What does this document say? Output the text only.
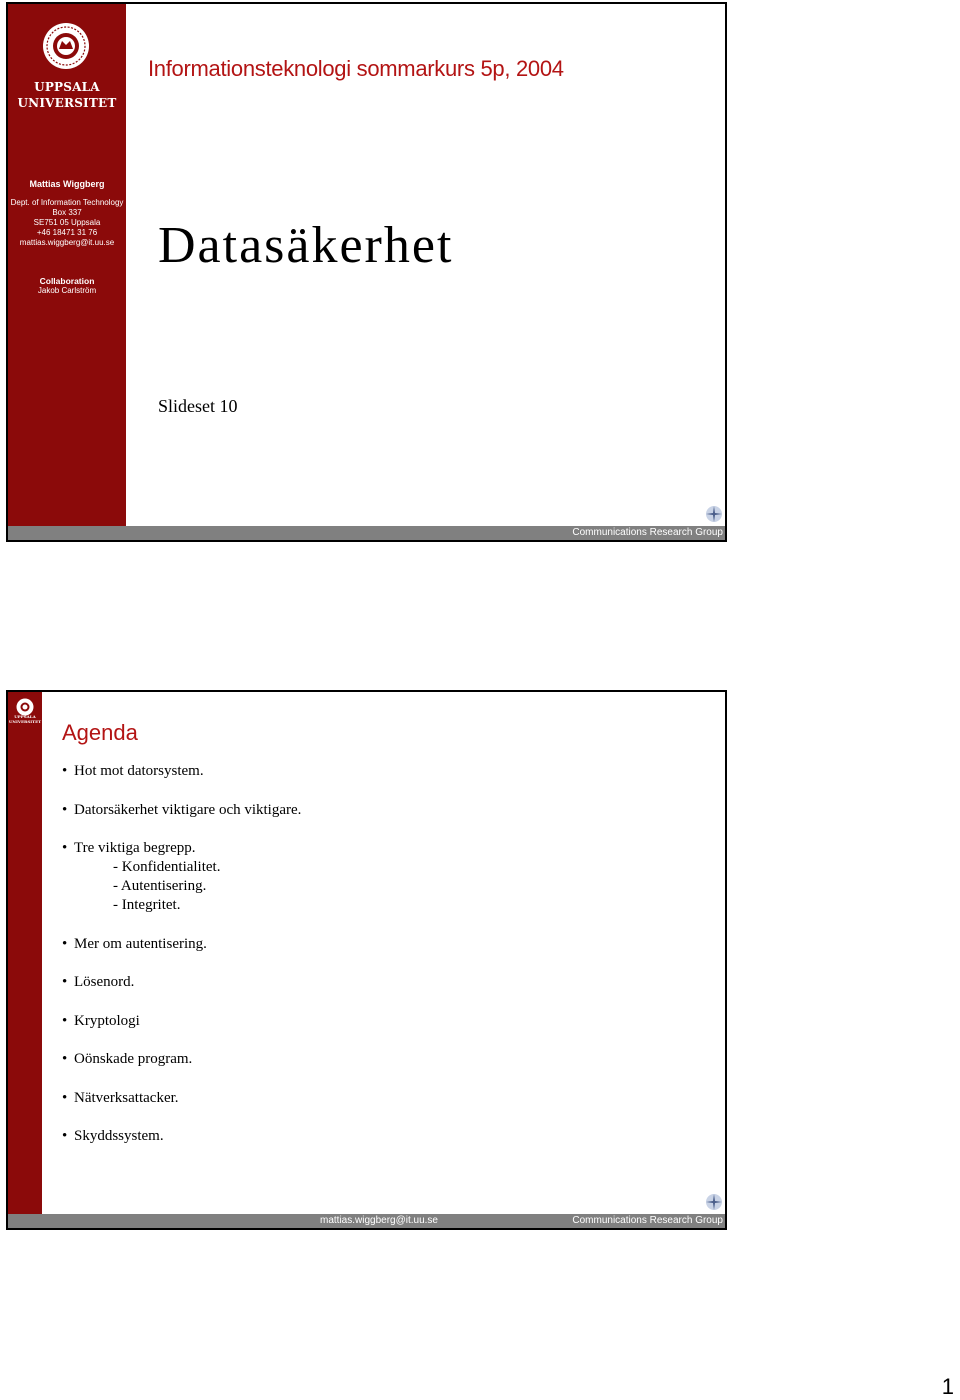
UPPSALA
UNIVERSITET
Mattias Wiggberg
Dept. of Information Technology
Box 337
SE751 05 Uppsala
+46 18471 31 76
mattias.wiggberg@it.uu.se
Collaboration
Jakob Carlström
Informationsteknologi sommarkurs 5p, 2004
Datasäkerhet
Slideset 10
Communications Research Group
UPPSALA
UNIVERSITET Agenda
• Hot mot datorsystem.
• Datorsäkerhet viktigare och viktigare.
• Tre viktiga begrepp.
- Konfidentialitet.
- Autentisering.
- Integritet.
• Mer om autentisering.
• Lösenord.
• Kryptologi
• Oönskade program.
• Nätverksattacker.
• Skyddssystem.
mattias.wiggberg@it.uu.se	Communications Research Group
1
